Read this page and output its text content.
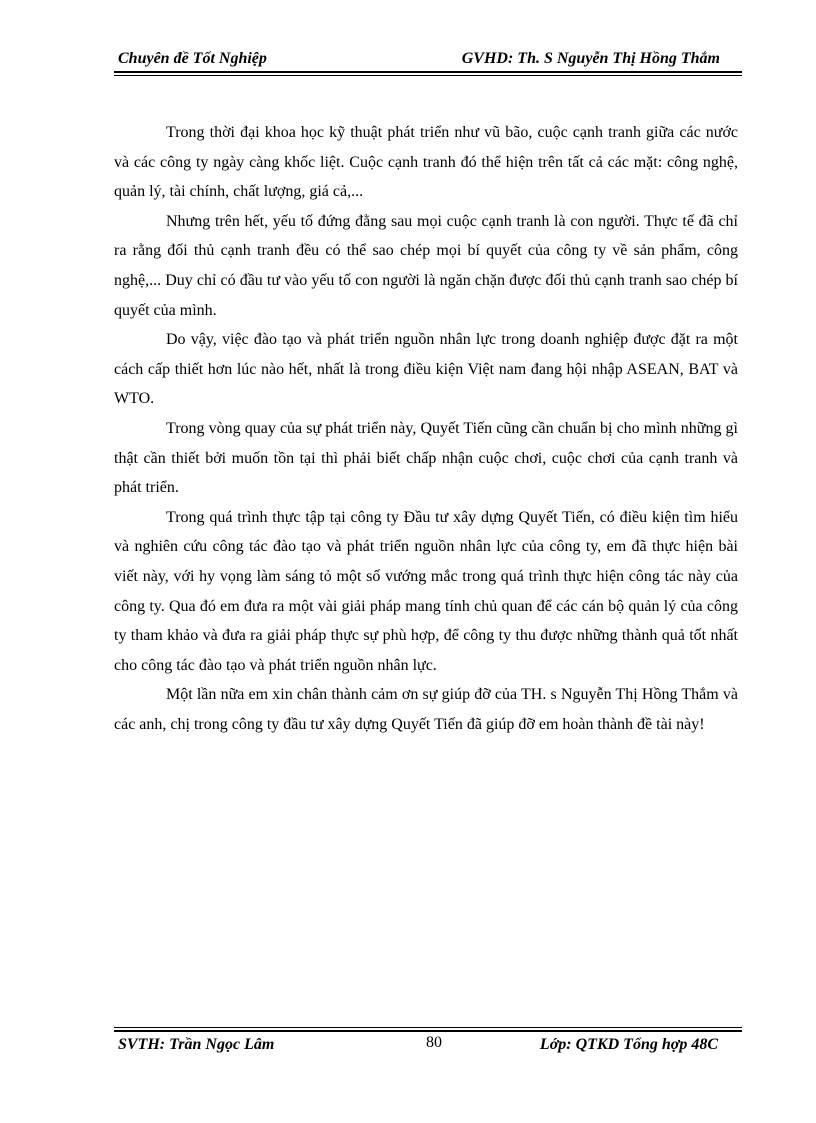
Chuyên đề Tốt Nghiệp	GVHD: Th. S Nguyễn Thị Hồng Thắm

Trong thời đại khoa học kỹ thuật phát triển như vũ bão, cuộc cạnh tranh giữa các nước và các công ty ngày càng khốc liệt. Cuộc cạnh tranh đó thể hiện trên tất cả các mặt: công nghệ, quản lý, tài chính, chất lượng, giá cả,...

Nhưng trên hết, yếu tố đứng đằng sau mọi cuộc cạnh tranh là con người. Thực tế đã chỉ ra rằng đối thủ cạnh tranh đều có thể sao chép mọi bí quyết của công ty về sản phẩm, công nghệ,... Duy chỉ có đầu tư vào yếu tố con người là ngăn chặn được đối thủ cạnh tranh sao chép bí quyết của mình.

Do vậy, việc đào tạo và phát triển nguồn nhân lực trong doanh nghiệp được đặt ra một cách cấp thiết hơn lúc nào hết, nhất là trong điều kiện Việt nam đang hội nhập ASEAN, BAT và WTO.

Trong vòng quay của sự phát triển này, Quyết Tiến cũng cần chuẩn bị cho mình những gì thật cần thiết bởi muốn tồn tại thì phải biết chấp nhận cuộc chơi, cuộc chơi của cạnh tranh và phát triển.

Trong quá trình thực tập tại công ty Đầu tư xây dựng Quyết Tiến, có điều kiện tìm hiểu và nghiên cứu công tác đào tạo và phát triển nguồn nhân lực của công ty, em đã thực hiện bài viết này, với hy vọng làm sáng tỏ một số vướng mắc trong quá trình thực hiện công tác này của công ty. Qua đó em đưa ra một vài giải pháp mang tính chủ quan để các cán bộ quản lý của công ty tham khảo và đưa ra giải pháp thực sự phù hợp, để công ty thu được những thành quả tốt nhất cho công tác đào tạo và phát triển nguồn nhân lực.

Một lần nữa em xin chân thành cảm ơn sự giúp đỡ của TH. s Nguyễn Thị Hồng Thắm và các anh, chị trong công ty đầu tư xây dựng Quyết Tiến đã giúp đỡ em hoàn thành đề tài này!

SVTH: Trần Ngọc Lâm	80	Lớp: QTKD Tổng hợp 48C
